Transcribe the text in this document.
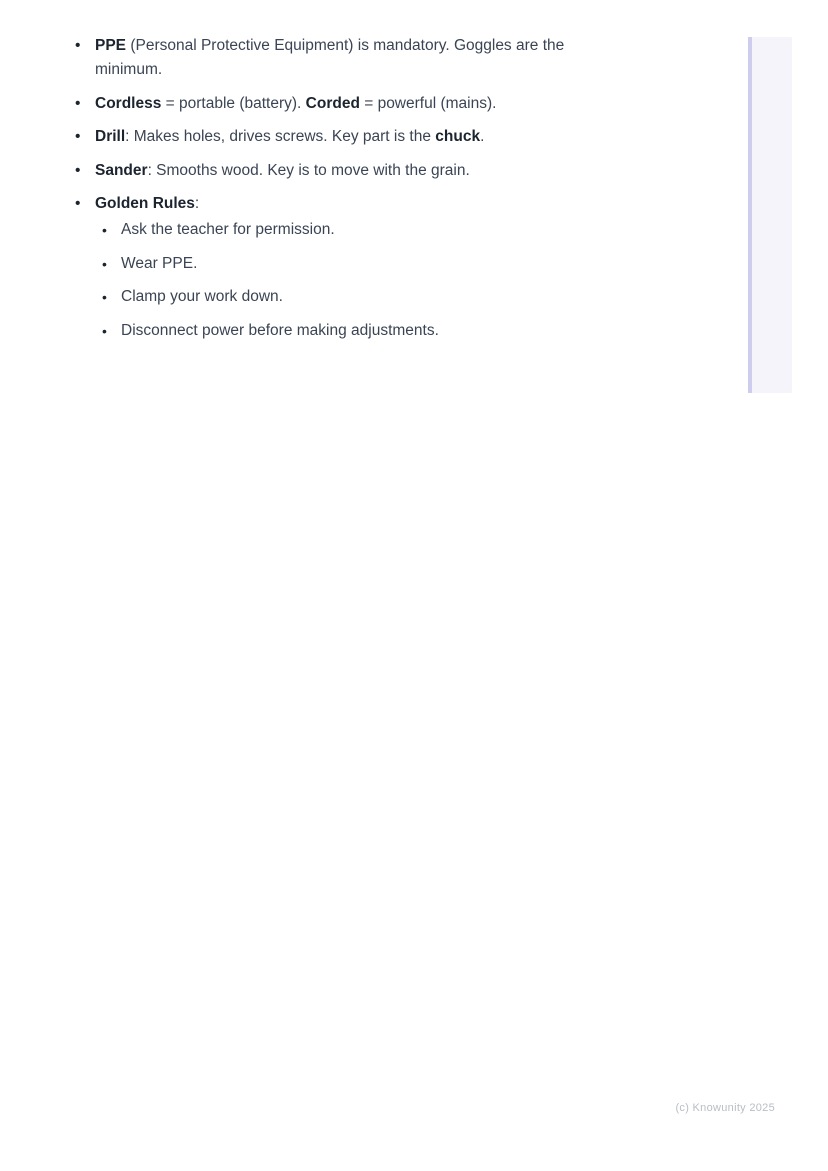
• PPE (Personal Protective Equipment) is mandatory. Goggles are the minimum.
• Cordless = portable (battery). Corded = powerful (mains).
• Drill: Makes holes, drives screws. Key part is the chuck.
• Sander: Smooths wood. Key is to move with the grain.
• Golden Rules:
• Ask the teacher for permission.
• Wear PPE.
• Clamp your work down.
• Disconnect power before making adjustments.
(c) Knowunity 2025
